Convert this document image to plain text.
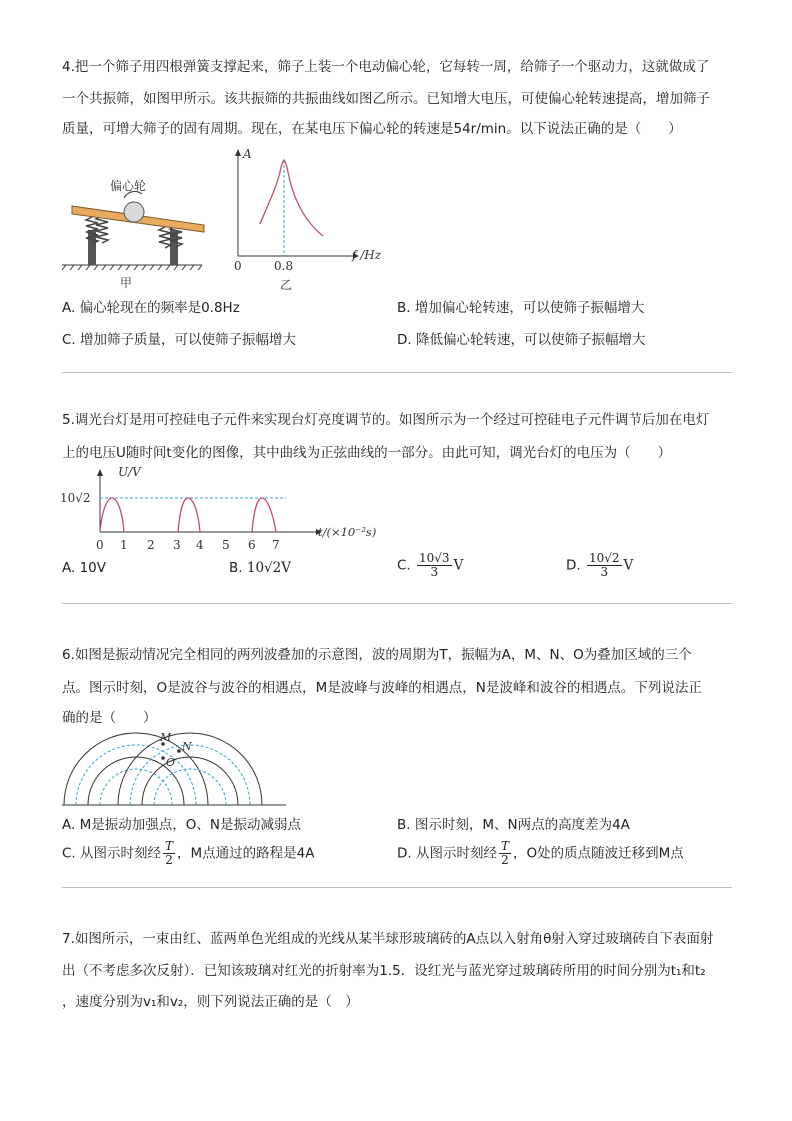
4.把一个筛子用四根弹簧支撑起来，筛子上装一个电动偏心轮，它每转一周，给筛子一个驱动力，这就做成了
一个共振筛，如图甲所示。该共振筛的共振曲线如图乙所示。已知增大电压，可使偏心轮转速提高，增加筛子
质量，可增大筛子的固有周期。现在，在某电压下偏心轮的转速是54r/min。以下说法正确的是（　　）
偏心轮
甲
A
f /Hz
0	0.8
乙
A. 偏心轮现在的频率是0.8Hz	B. 增加偏心轮转速，可以使筛子振幅增大
C. 增加筛子质量，可以使筛子振幅增大	D. 降低偏心轮转速，可以使筛子振幅增大
5.调光台灯是用可控硅电子元件来实现台灯亮度调节的。如图所示为一个经过可控硅电子元件调节后加在电灯
上的电压U随时间t变化的图像，其中曲线为正弦曲线的一部分。由此可知，调光台灯的电压为（　　）
U/V
10√2
t/(×10⁻²s)
0 1 2 3 4 5 6 7
A. 10V	B. 10√2V	C. $\frac{10√3}{3}$ V	D. $\frac{10√2}{3}$ V
6.如图是振动情况完全相同的两列波叠加的示意图，波的周期为T，振幅为A，M、N、O为叠加区域的三个
点。图示时刻，O是波谷与波谷的相遇点，M是波峰与波峰的相遇点，N是波峰和波谷的相遇点。下列说法正
确的是（　　）
M
N
O
A. M是振动加强点，O、N是振动减弱点	B. 图示时刻，M、N两点的高度差为4A
C. 从图示时刻经 $\frac{T}{2}$ ，M点通过的路程是4A	D. 从图示时刻经 $\frac{T}{2}$ ，O处的质点随波迁移到M点
7.如图所示，一束由红、蓝两单色光组成的光线从某半球形玻璃砖的A点以入射角θ射入穿过玻璃砖自下表面射
出（不考虑多次反射）．已知该玻璃对红光的折射率为1.5．设红光与蓝光穿过玻璃砖所用的时间分别为t₁和t₂
，速度分别为v₁和v₂，则下列说法正确的是（　）
